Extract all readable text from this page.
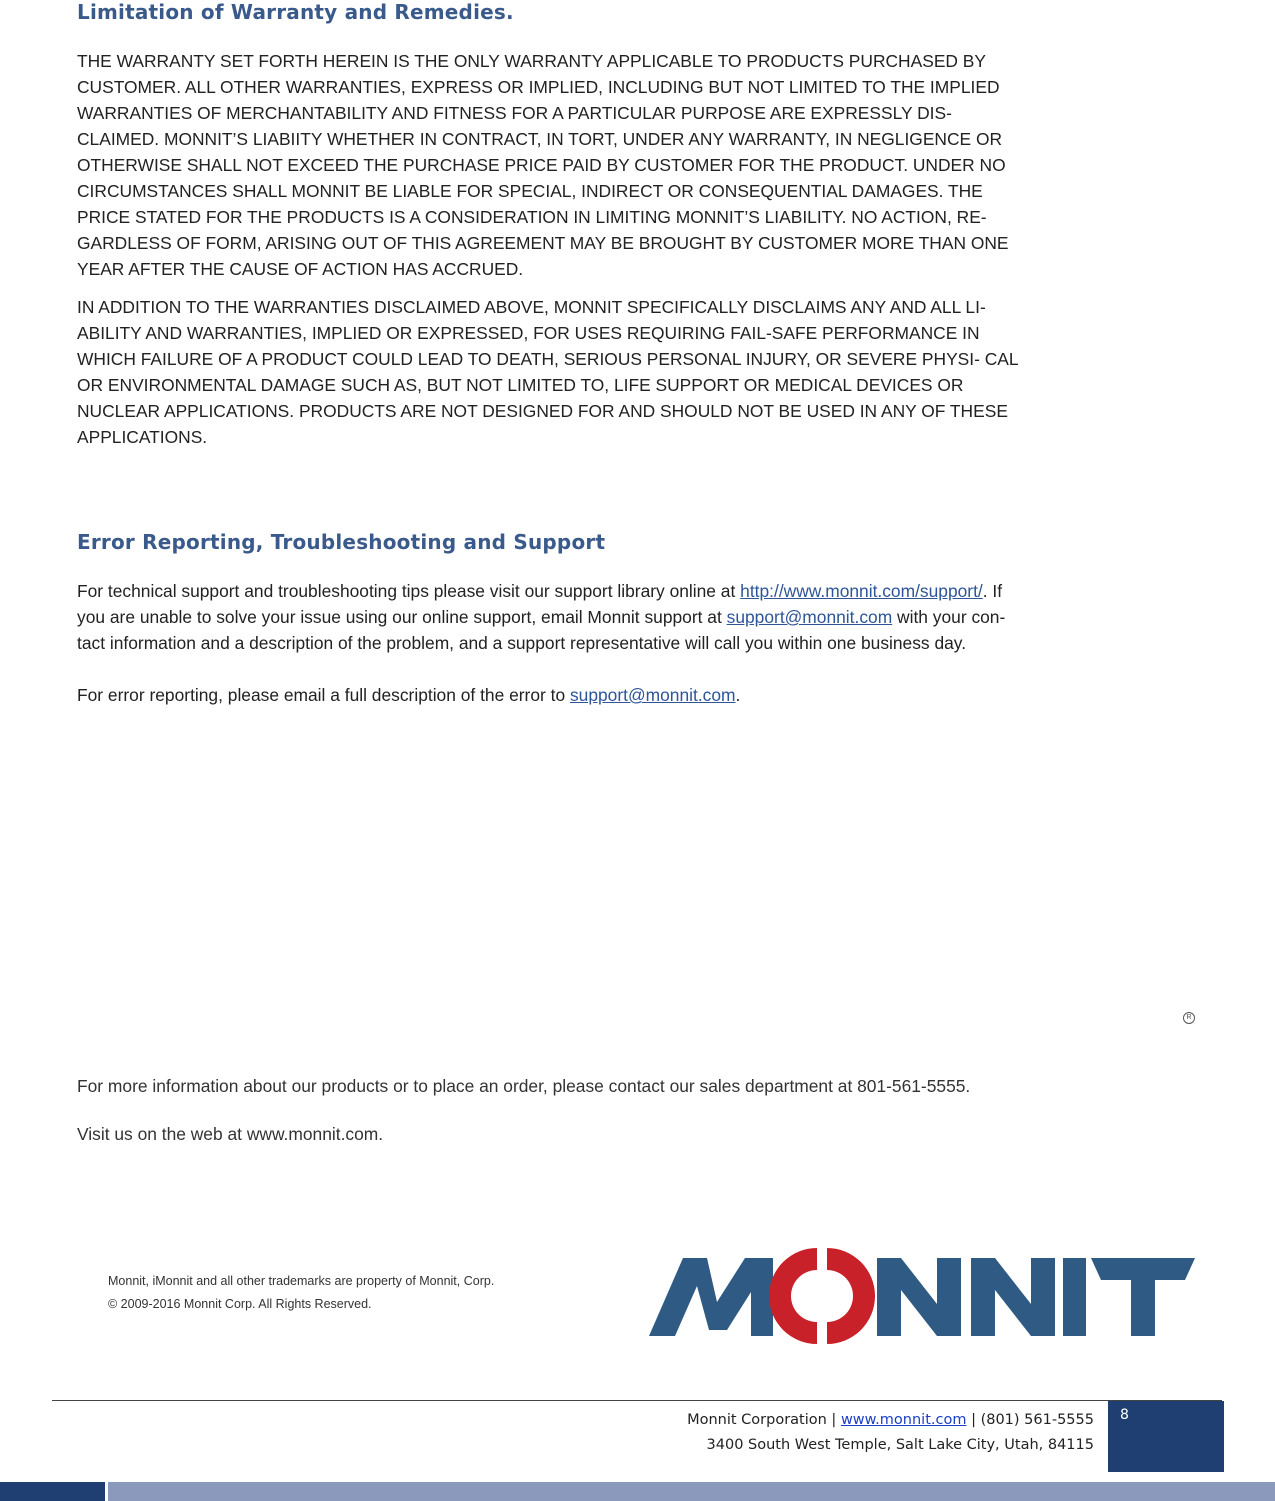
Limitation of Warranty and Remedies.
THE WARRANTY SET FORTH HEREIN IS THE ONLY WARRANTY APPLICABLE TO PRODUCTS PURCHASED BY
CUSTOMER. ALL OTHER WARRANTIES, EXPRESS OR IMPLIED, INCLUDING BUT NOT LIMITED TO THE IMPLIED
WARRANTIES OF MERCHANTABILITY AND FITNESS FOR A PARTICULAR PURPOSE ARE EXPRESSLY DIS-
CLAIMED. MONNIT’S LIABIITY WHETHER IN CONTRACT, IN TORT, UNDER ANY WARRANTY, IN NEGLIGENCE OR
OTHERWISE SHALL NOT EXCEED THE PURCHASE PRICE PAID BY CUSTOMER FOR THE PRODUCT. UNDER NO
CIRCUMSTANCES SHALL MONNIT BE LIABLE FOR SPECIAL, INDIRECT OR CONSEQUENTIAL DAMAGES. THE
PRICE STATED FOR THE PRODUCTS IS A CONSIDERATION IN LIMITING MONNIT’S LIABILITY. NO ACTION, RE-
GARDLESS OF FORM, ARISING OUT OF THIS AGREEMENT MAY BE BROUGHT BY CUSTOMER MORE THAN ONE
YEAR AFTER THE CAUSE OF ACTION HAS ACCRUED.
IN ADDITION TO THE WARRANTIES DISCLAIMED ABOVE, MONNIT SPECIFICALLY DISCLAIMS ANY AND ALL LI-
ABILITY AND WARRANTIES, IMPLIED OR EXPRESSED, FOR USES REQUIRING FAIL-SAFE PERFORMANCE IN
WHICH FAILURE OF A PRODUCT COULD LEAD TO DEATH, SERIOUS PERSONAL INJURY, OR SEVERE PHYSI- CAL
OR ENVIRONMENTAL DAMAGE SUCH AS, BUT NOT LIMITED TO, LIFE SUPPORT OR MEDICAL DEVICES OR
NUCLEAR APPLICATIONS. PRODUCTS ARE NOT DESIGNED FOR AND SHOULD NOT BE USED IN ANY OF THESE
APPLICATIONS.
Error Reporting, Troubleshooting and Support
For technical support and troubleshooting tips please visit our support library online at http://www.monnit.com/support/. If
you are unable to solve your issue using our online support, email Monnit support at support@monnit.com with your con-
tact information and a description of the problem, and a support representative will call you within one business day.
For error reporting, please email a full description of the error to support@monnit.com.
R
For more information about our products or to place an order, please contact our sales department at 801-561-5555.
Visit us on the web at www.monnit.com.
Monnit, iMonnit and all other trademarks are property of Monnit, Corp.
© 2009-2016 Monnit Corp. All Rights Reserved.
Monnit Corporation | www.monnit.com | (801) 561-5555
3400 South West Temple, Salt Lake City, Utah, 84115
8
